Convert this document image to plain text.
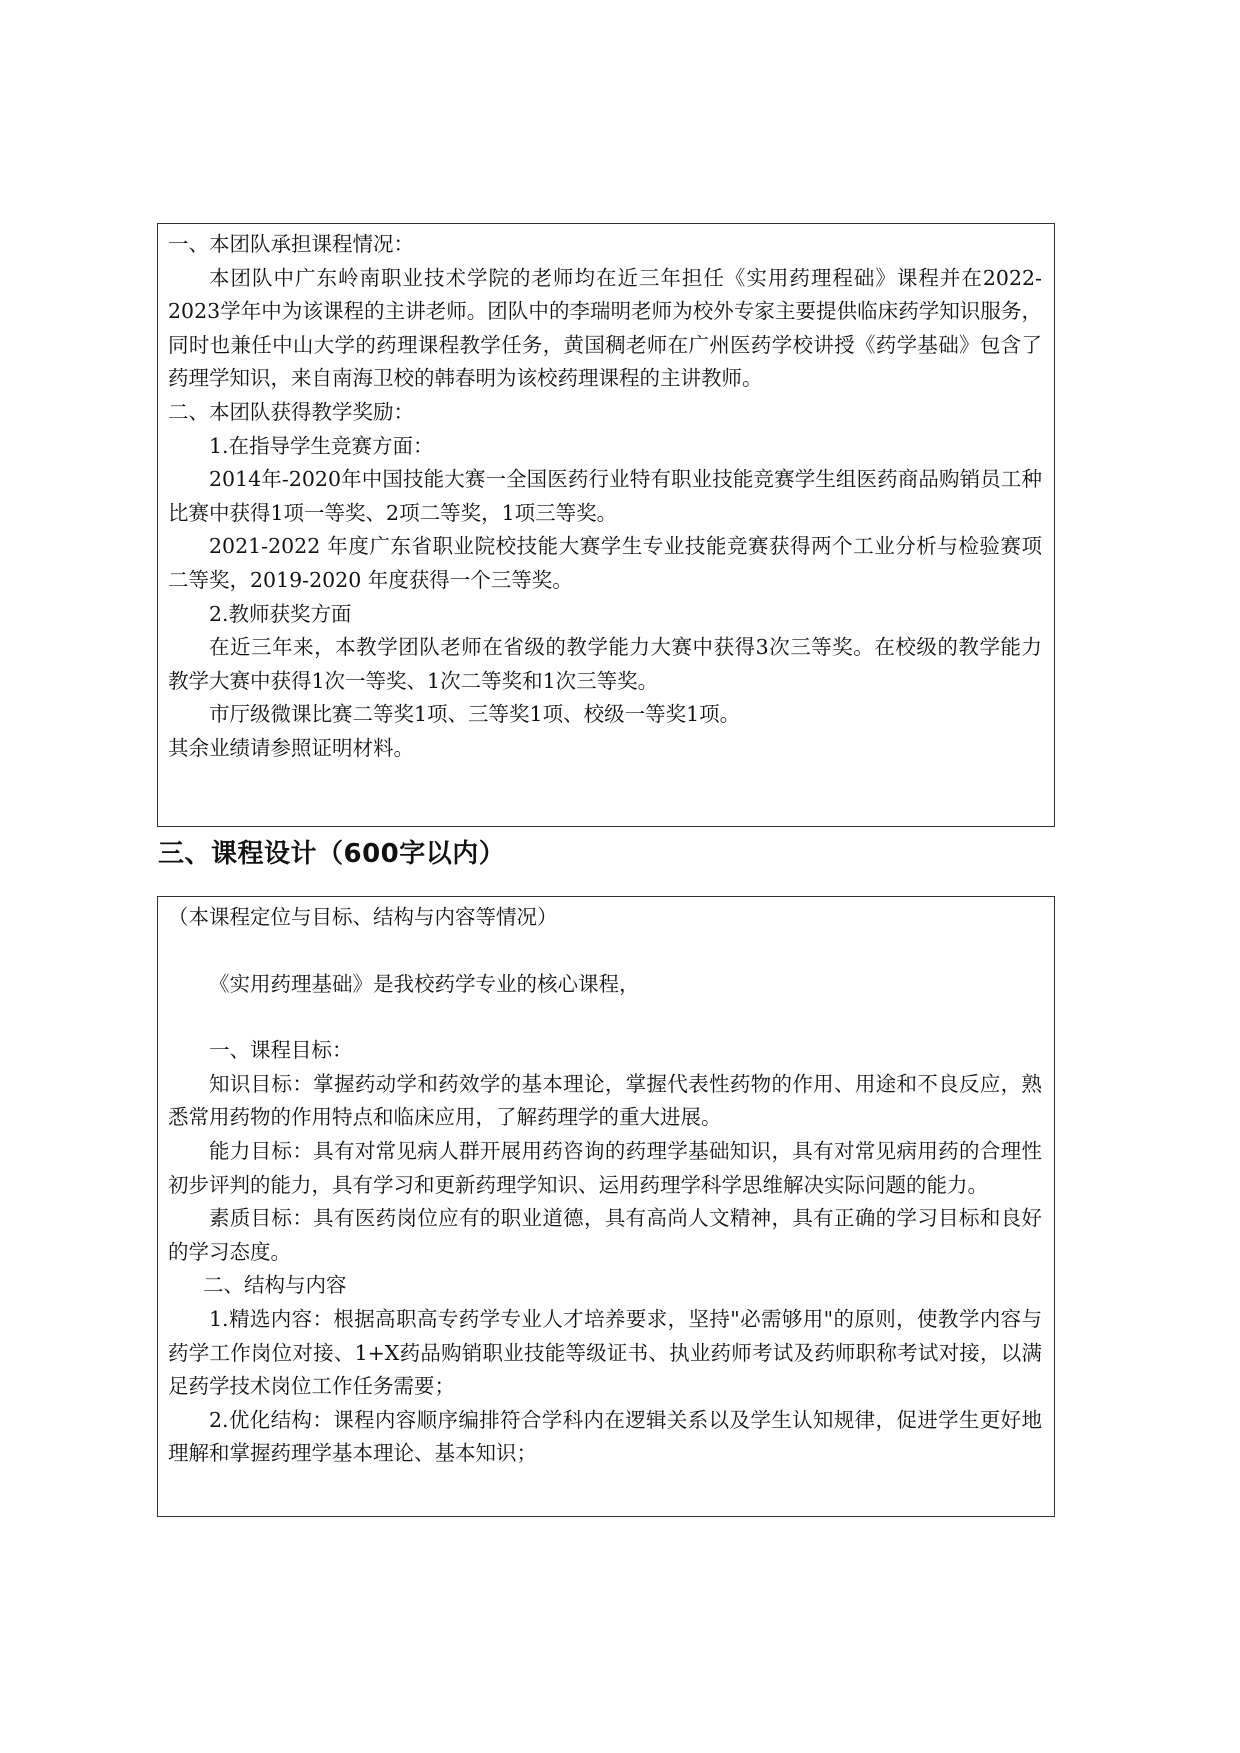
一、本团队承担课程情况：

本团队中广东岭南职业技术学院的老师均在近三年担任《实用药理程础》课程并在2022-2023学年中为该课程的主讲老师。团队中的李瑞明老师为校外专家主要提供临床药学知识服务，同时也兼任中山大学的药理课程教学任务，黄国稠老师在广州医药学校讲授《药学基础》包含了药理学知识，来自南海卫校的韩春明为该校药理课程的主讲教师。

二、本团队获得教学奖励：

1.在指导学生竞赛方面：

2014年-2020年中国技能大赛一全国医药行业特有职业技能竞赛学生组医药商品购销员工种比赛中获得1项一等奖、2项二等奖，1项三等奖。

2021-2022 年度广东省职业院校技能大赛学生专业技能竞赛获得两个工业分析与检验赛项二等奖，2019-2020 年度获得一个三等奖。

2.教师获奖方面

在近三年来，本教学团队老师在省级的教学能力大赛中获得3次三等奖。在校级的教学能力教学大赛中获得1次一等奖、1次二等奖和1次三等奖。

市厅级微课比赛二等奖1项、三等奖1项、校级一等奖1项。

其余业绩请参照证明材料。

三、课程设计（600字以内）

（本课程定位与目标、结构与内容等情况）

《实用药理基础》是我校药学专业的核心课程，

一、课程目标：

知识目标：掌握药动学和药效学的基本理论，掌握代表性药物的作用、用途和不良反应，熟悉常用药物的作用特点和临床应用，了解药理学的重大进展。

能力目标：具有对常见病人群开展用药咨询的药理学基础知识，具有对常见病用药的合理性初步评判的能力，具有学习和更新药理学知识、运用药理学科学思维解决实际问题的能力。

素质目标：具有医药岗位应有的职业道德，具有高尚人文精神，具有正确的学习目标和良好的学习态度。

二、结构与内容

1.精选内容：根据高职高专药学专业人才培养要求，坚持"必需够用"的原则，使教学内容与药学工作岗位对接、1+X药品购销职业技能等级证书、执业药师考试及药师职称考试对接，以满足药学技术岗位工作任务需要；

2.优化结构：课程内容顺序编排符合学科内在逻辑关系以及学生认知规律，促进学生更好地理解和掌握药理学基本理论、基本知识；
